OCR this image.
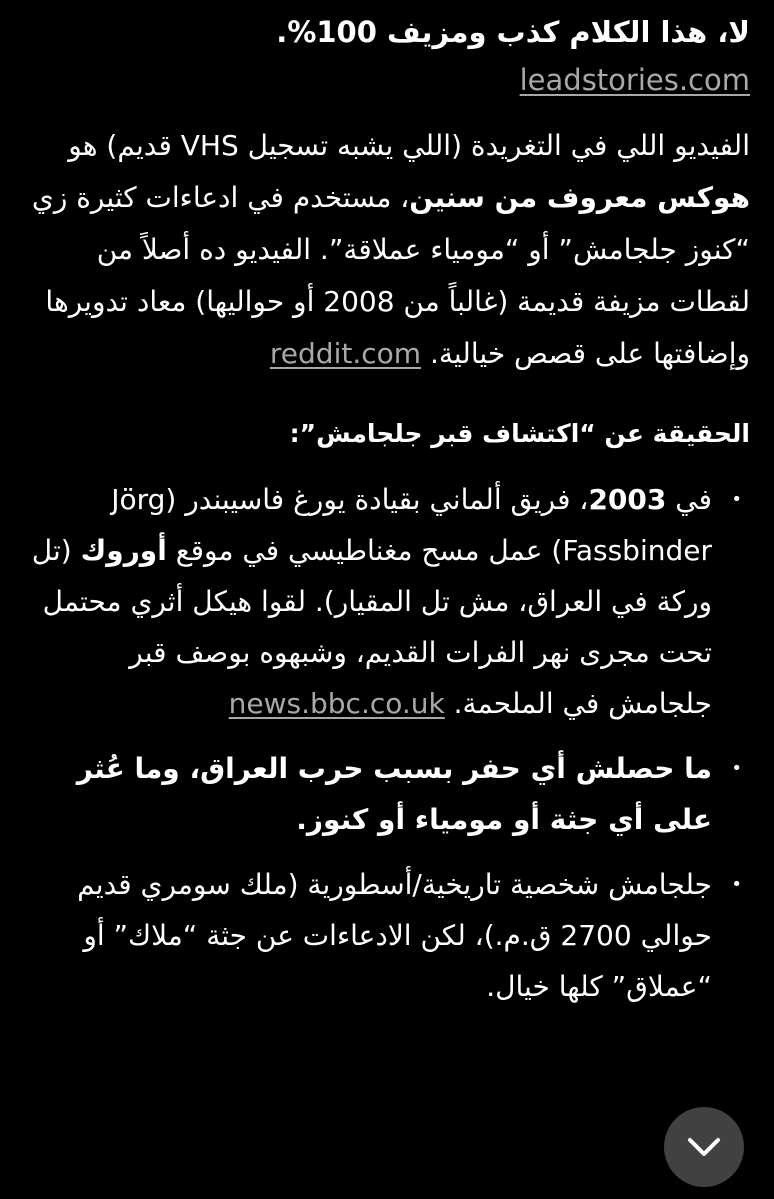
لا، هذا الكلام كذب ومزيف 100%.

leadstories.com

الفيديو اللي في التغريدة (اللي يشبه تسجيل VHS قديم) هو هوكس معروف من سنين، مستخدم في ادعاءات كثيرة زي “كنوز جلجامش” أو “مومياء عملاقة”. الفيديو ده أصلاً من لقطات مزيفة قديمة (غالباً من 2008 أو حواليها) معاد تدويرها وإضافتها على قصص خيالية. reddit.com

الحقيقة عن “اكتشاف قبر جلجامش”:

•
في 2003، فريق ألماني بقيادة يورغ فاسيبندر (Jörg Fassbinder) عمل مسح مغناطيسي في موقع أوروك (تل وركة في العراق، مش تل المقيار). لقوا هيكل أثري محتمل تحت مجرى نهر الفرات القديم، وشبهوه بوصف قبر جلجامش في الملحمة. news.bbc.co.uk
•
ما حصلش أي حفر بسبب حرب العراق، وما عُثر على أي جثة أو مومياء أو كنوز.
•
جلجامش شخصية تاريخية/أسطورية (ملك سومري قديم حوالي 2700 ق.م.)، لكن الادعاءات عن جثة “ملاك” أو “عملاق” كلها خيال.
